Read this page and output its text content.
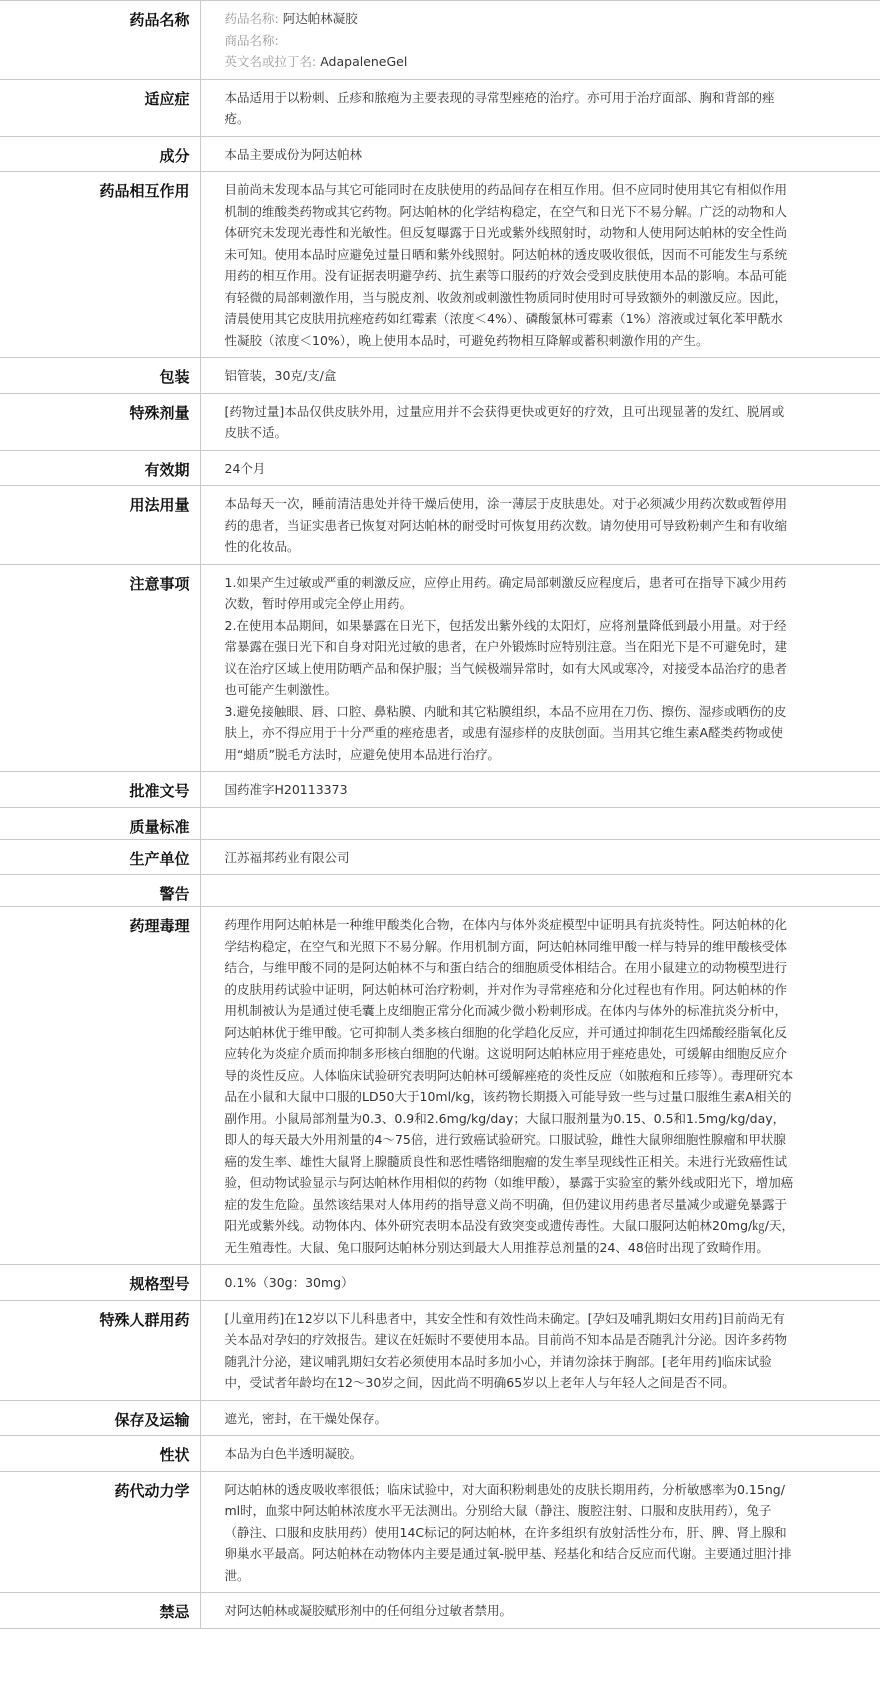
药品名称	药品名称: 阿达帕林凝胶
商品名称:
英文名或拉丁名: AdapaleneGel

适应症	本品适用于以粉刺、丘疹和脓疱为主要表现的寻常型痤疮的治疗。亦可用于治疗面部、胸和背部的痤疮。

成分	本品主要成份为阿达帕林

药品相互作用	目前尚未发现本品与其它可能同时在皮肤使用的药品间存在相互作用。但不应同时使用其它有相似作用机制的维酸类药物或其它药物。阿达帕林的化学结构稳定，在空气和日光下不易分解。广泛的动物和人体研究未发现光毒性和光敏性。但反复曝露于日光或紫外线照射时，动物和人使用阿达帕林的安全性尚未可知。使用本品时应避免过量日晒和紫外线照射。阿达帕林的透皮吸收很低，因而不可能发生与系统用药的相互作用。没有证据表明避孕药、抗生素等口服药的疗效会受到皮肤使用本品的影响。本品可能有轻微的局部刺激作用，当与脱皮剂、收敛剂或刺激性物质同时使用时可导致额外的刺激反应。因此，清晨使用其它皮肤用抗痤疮药如红霉素（浓度＜4%）、磷酸氯林可霉素（1%）溶液或过氧化苯甲酰水性凝胶（浓度＜10%），晚上使用本品时，可避免药物相互降解或蓄积刺激作用的产生。

包装	铝管装，30克/支/盒

特殊剂量	[药物过量]本品仅供皮肤外用，过量应用并不会获得更快或更好的疗效，且可出现显著的发红、脱屑或皮肤不适。

有效期	24个月

用法用量	本品每天一次，睡前清洁患处并待干燥后使用，涂一薄层于皮肤患处。对于必须减少用药次数或暂停用药的患者，当证实患者已恢复对阿达帕林的耐受时可恢复用药次数。请勿使用可导致粉刺产生和有收缩性的化妆品。

注意事项	1.如果产生过敏或严重的刺激反应，应停止用药。确定局部刺激反应程度后，患者可在指导下减少用药次数，暂时停用或完全停止用药。
2.在使用本品期间，如果暴露在日光下，包括发出紫外线的太阳灯，应将剂量降低到最小用量。对于经常暴露在强日光下和自身对阳光过敏的患者，在户外锻炼时应特别注意。当在阳光下是不可避免时，建议在治疗区域上使用防晒产品和保护服；当气候极端异常时，如有大风或寒冷，对接受本品治疗的患者也可能产生刺激性。
3.避免接触眼、唇、口腔、鼻粘膜、内眦和其它粘膜组织，本品不应用在刀伤、擦伤、湿疹或晒伤的皮肤上，亦不得应用于十分严重的痤疮患者，或患有湿疹样的皮肤创面。当用其它维生素A醛类药物或使用“蜡质”脱毛方法时，应避免使用本品进行治疗。

批准文号	国药准字H20113373

质量标准	

生产单位	江苏福邦药业有限公司

警告	

药理毒理	药理作用阿达帕林是一种维甲酸类化合物，在体内与体外炎症模型中证明具有抗炎特性。阿达帕林的化学结构稳定，在空气和光照下不易分解。作用机制方面，阿达帕林同维甲酸一样与特异的维甲酸核受体结合，与维甲酸不同的是阿达帕林不与和蛋白结合的细胞质受体相结合。在用小鼠建立的动物模型进行的皮肤用药试验中证明，阿达帕林可治疗粉刺，并对作为寻常痤疮和分化过程也有作用。阿达帕林的作用机制被认为是通过使毛囊上皮细胞正常分化而减少微小粉刺形成。在体内与体外的标准抗炎分析中，阿达帕林优于维甲酸。它可抑制人类多核白细胞的化学趋化反应，并可通过抑制花生四烯酸经脂氧化反应转化为炎症介质而抑制多形核白细胞的代谢。这说明阿达帕林应用于痤疮患处，可缓解由细胞反应介导的炎性反应。人体临床试验研究表明阿达帕林可缓解痤疮的炎性反应（如脓疱和丘疹等）。毒理研究本品在小鼠和大鼠中口服的LD50大于10ml/kg，该药物长期摄入可能导致一些与过量口服维生素A相关的副作用。小鼠局部剂量为0.3、0.9和2.6mg/kg/day；大鼠口服剂量为0.15、0.5和1.5mg/kg/day，即人的每天最大外用剂量的4～75倍，进行致癌试验研究。口服试验，雌性大鼠卵细胞性腺瘤和甲状腺癌的发生率、雄性大鼠肾上腺髓质良性和恶性嗜铬细胞瘤的发生率呈现线性正相关。未进行光致癌性试验，但动物试验显示与阿达帕林作用相似的药物（如维甲酸），暴露于实验室的紫外线或阳光下，增加癌症的发生危险。虽然该结果对人体用药的指导意义尚不明确，但仍建议用药患者尽量减少或避免暴露于阳光或紫外线。动物体内、体外研究表明本品没有致突变或遗传毒性。大鼠口服阿达帕林20mg/㎏/天，无生殖毒性。大鼠、兔口服阿达帕林分别达到最大人用推荐总剂量的24、48倍时出现了致畸作用。

规格型号	0.1%（30g：30mg）

特殊人群用药	[儿童用药]在12岁以下儿科患者中，其安全性和有效性尚未确定。[孕妇及哺乳期妇女用药]目前尚无有关本品对孕妇的疗效报告。建议在妊娠时不要使用本品。目前尚不知本品是否随乳汁分泌。因许多药物随乳汁分泌，建议哺乳期妇女若必须使用本品时多加小心，并请勿涂抹于胸部。[老年用药]临床试验中，受试者年龄均在12～30岁之间，因此尚不明确65岁以上老年人与年轻人之间是否不同。

保存及运输	遮光，密封，在干燥处保存。

性状	本品为白色半透明凝胶。

药代动力学	阿达帕林的透皮吸收率很低；临床试验中，对大面积粉刺患处的皮肤长期用药，分析敏感率为0.15ng/ml时，血浆中阿达帕林浓度水平无法测出。分别给大鼠（静注、腹腔注射、口服和皮肤用药），兔子（静注、口服和皮肤用药）使用14C标记的阿达帕林，在许多组织有放射活性分布，肝、脾、肾上腺和卵巢水平最高。阿达帕林在动物体内主要是通过氧-脱甲基、羟基化和结合反应而代谢。主要通过胆汁排泄。

禁忌	对阿达帕林或凝胶赋形剂中的任何组分过敏者禁用。
